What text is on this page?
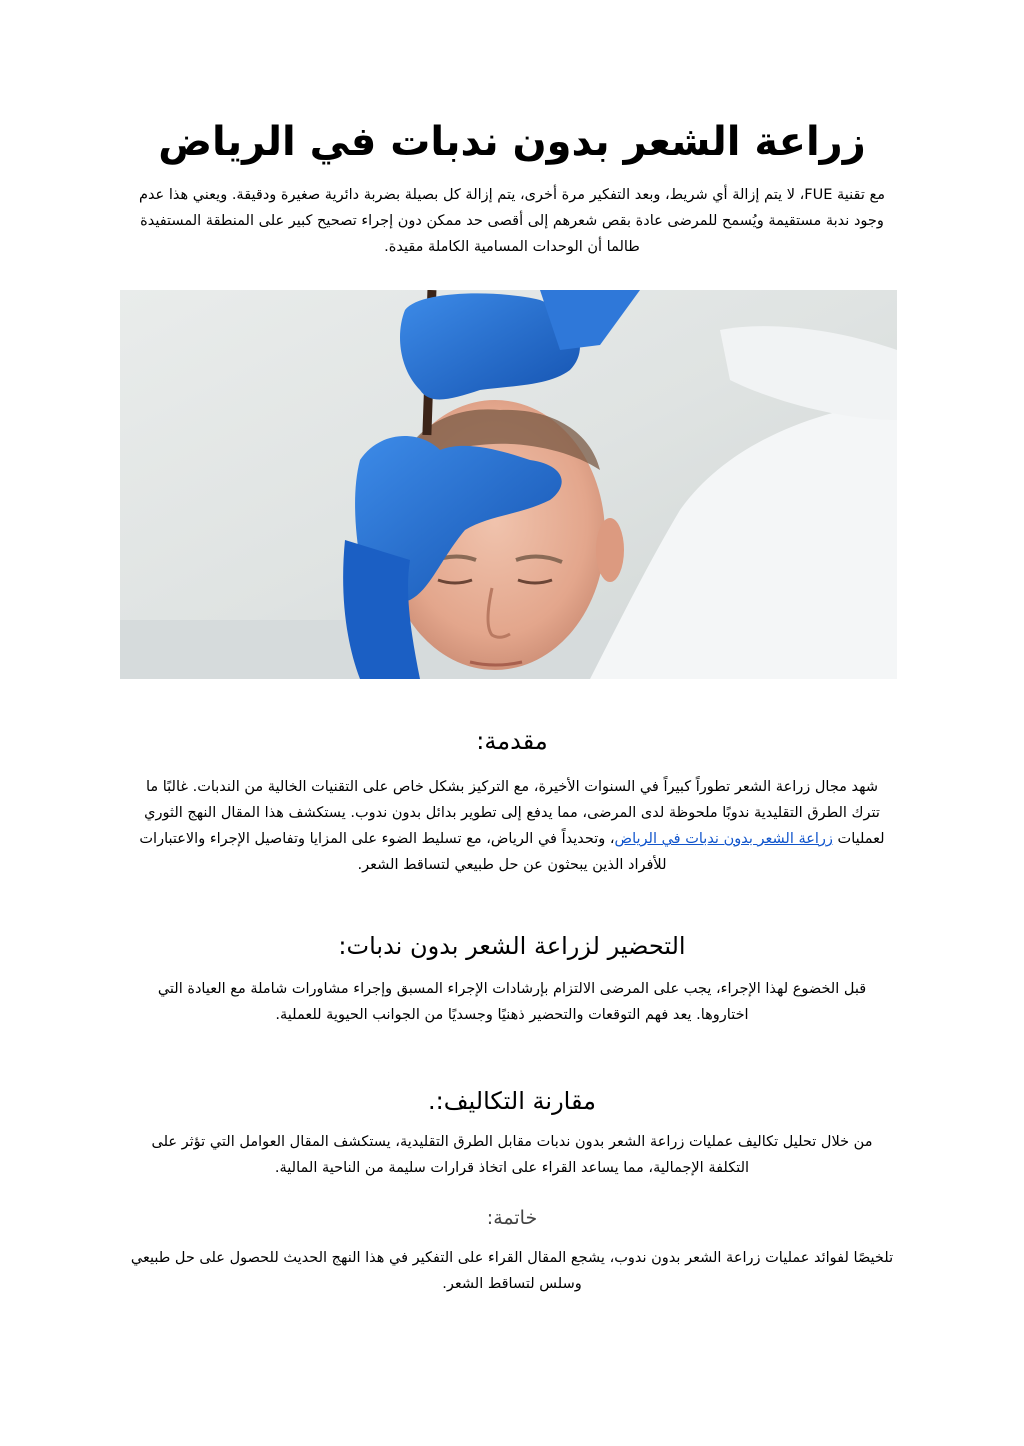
زراعة الشعر بدون ندبات في الرياض

مع تقنية FUE، لا يتم إزالة أي شريط، وبعد التفكير مرة أخرى، يتم إزالة كل بصيلة بضربة دائرية صغيرة ودقيقة. ويعني هذا عدم وجود ندبة مستقيمة ويُسمح للمرضى عادة بقص شعرهم إلى أقصى حد ممكن دون إجراء تصحيح كبير على المنطقة المستفيدة طالما أن الوحدات المسامية الكاملة مقيدة.

مقدمة:

شهد مجال زراعة الشعر تطوراً كبيراً في السنوات الأخيرة، مع التركيز بشكل خاص على التقنيات الخالية من الندبات. غالبًا ما تترك الطرق التقليدية ندوبًا ملحوظة لدى المرضى، مما يدفع إلى تطوير بدائل بدون ندوب. يستكشف هذا المقال النهج الثوري لعمليات زراعة الشعر بدون ندبات في الرياض، وتحديداً في الرياض، مع تسليط الضوء على المزايا وتفاصيل الإجراء والاعتبارات للأفراد الذين يبحثون عن حل طبيعي لتساقط الشعر.

التحضير لزراعة الشعر بدون ندبات:

قبل الخضوع لهذا الإجراء، يجب على المرضى الالتزام بإرشادات الإجراء المسبق وإجراء مشاورات شاملة مع العيادة التي اختاروها. يعد فهم التوقعات والتحضير ذهنيًا وجسديًا من الجوانب الحيوية للعملية.

مقارنة التكاليف:.

من خلال تحليل تكاليف عمليات زراعة الشعر بدون ندبات مقابل الطرق التقليدية، يستكشف المقال العوامل التي تؤثر على التكلفة الإجمالية، مما يساعد القراء على اتخاذ قرارات سليمة من الناحية المالية.

خاتمة:

تلخيصًا لفوائد عمليات زراعة الشعر بدون ندوب، يشجع المقال القراء على التفكير في هذا النهج الحديث للحصول على حل طبيعي وسلس لتساقط الشعر.
